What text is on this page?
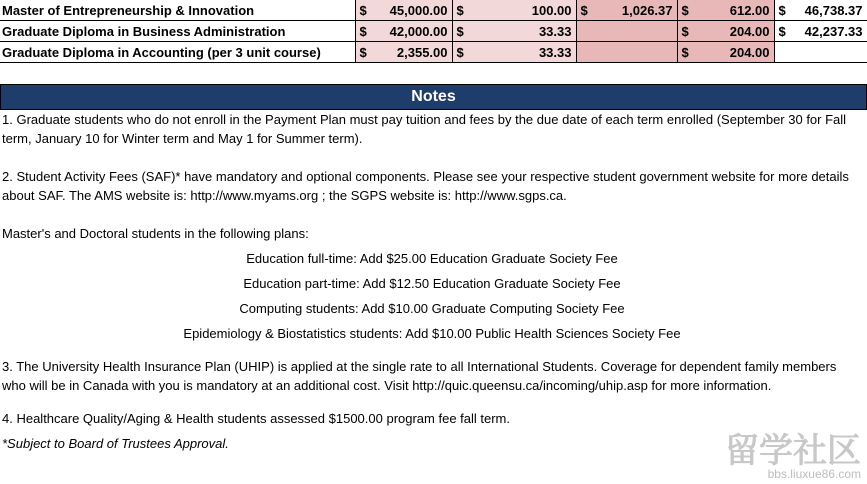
Master of Entrepreneurship & Innovation	$ 45,000.00	$ 100.00	$ 1,026.37	$ 612.00	$ 46,738.37

Graduate Diploma in Business Administration	$ 42,000.00	$ 33.33		$ 204.00	$ 42,237.33

Graduate Diploma in Accounting (per 3 unit course)	$ 2,355.00	$ 33.33		$ 204.00	

Notes

1. Graduate students who do not enroll in the Payment Plan must pay tuition and fees by the due date of each term enrolled (September 30 for Fall term, January 10 for Winter term and May 1 for Summer term).

2. Student Activity Fees (SAF)* have mandatory and optional components. Please see your respective student government website for more details about SAF. The AMS website is: http://www.myams.org ; the SGPS website is: http://www.sgps.ca.

Master's and Doctoral students in the following plans:

Education full-time: Add $25.00 Education Graduate Society Fee

Education part-time: Add $12.50 Education Graduate Society Fee

Computing students: Add $10.00 Graduate Computing Society Fee

Epidemiology & Biostatistics students: Add $10.00 Public Health Sciences Society Fee

3. The University Health Insurance Plan (UHIP) is applied at the single rate to all International Students. Coverage for dependent family members who will be in Canada with you is mandatory at an additional cost. Visit http://quic.queensu.ca/incoming/uhip.asp for more information.

4. Healthcare Quality/Aging & Health students assessed $1500.00 program fee fall term.

*Subject to Board of Trustees Approval.	留学社区
bbs.liuxue86.com
